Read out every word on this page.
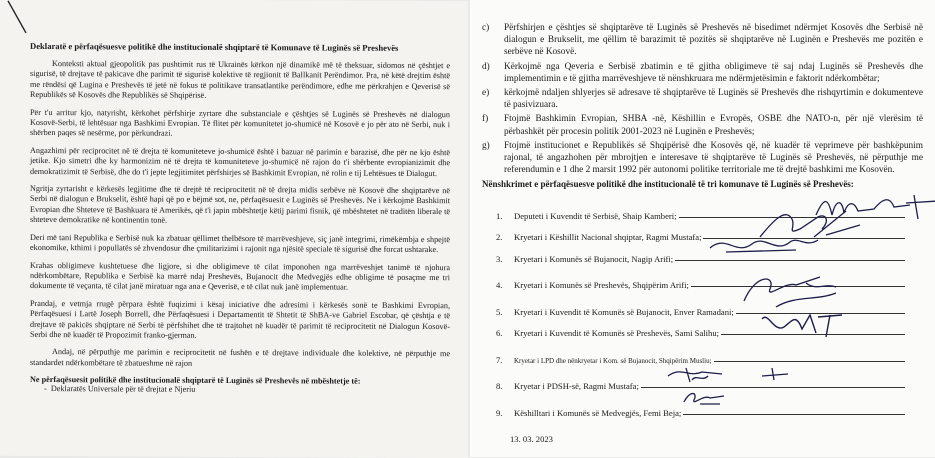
Deklaratë e përfaqësuesve politikë dhe institucionalë shqiptarë të Komunave të Luginës së Preshevës

Konteksti aktual gjeopolitik pas pushtimit rus të Ukrainës kërkon një dinamikë më të theksuar, sidomos në çështjet e sigurisë, të drejtave të pakicave dhe parimit të sigurisë kolektive të regjionit të Ballkanit Perëndimor. Pra, në këtë drejtim është me rëndësi që Lugina e Preshevës të jetë në fokus të politikave transatlantike perëndimore, edhe me përkrahjen e Qeverisë së Republikës së Kosovës dhe Republikës së Shqipërisë.

Për t'u arritur kjo, natyrisht, kërkohet përfshirje zyrtare dhe substanciale e çështjes së Luginës së Preshevës në dialogun Kosovë-Serbi, të lehtësuar nga Bashkimi Evropian. Të flitet për komunitetet jo-shumicë në Kosovë e jo për ato në Serbi, nuk i shërben paqes së nesërme, por përkundrazi.

Angazhimi për reciprocitet në të drejta të komuniteteve jo-shumicë është i bazuar në parimin e barazisë, dhe për ne kjo është jetike. Kjo simetri dhe ky harmonizim në të drejta të komuniteteve jo-shumicë në rajon do t'i shërbente evropianizimit dhe demokratizimit të Serbisë, dhe do t'i jepte legjitimitet përfshirjes së Bashkimit Evropian, në rolin e tij Lehtësues të Dialogut.

Ngritja zyrtarisht e kërkesës legjitime dhe të drejtë të reciprocitetit në të drejta midis serbëve në Kosovë dhe shqiptarëve në Serbi në dialogun e Brukselit, është hapi që po e bëjmë sot, ne, përfaqësuesit e Luginës së Preshevës. Ne i kërkojmë Bashkimit Evropian dhe Shteteve të Bashkuara të Amerikës, që t'i japin mbështetje këtij parimi fisnik, që mbështetet në traditën liberale të shteteve demokratike në kontinentin tonë.

Deri më tani Republika e Serbisë nuk ka zbatuar qëllimet thelbësore të marrëveshjeve, siç janë integrimi, rimëkëmbja e shpejtë ekonomike, kthimi i popullatës së zhvendosur dhe çmilitarizimi i rajonit nga njësitë speciale të sigurisë dhe forcat ushtarake.

Krahas obligimeve kushtetuese dhe ligjore, si dhe obligimeve të cilat imponohen nga marrëveshjet tanimë të njohura ndërkombëtare, Republika e Serbisë ka marrë ndaj Preshevës, Bujanocit dhe Medvegjës edhe obligime të posaçme me tri dokumente të veçanta, të cilat janë miratuar nga ana e Qeverisë, e të cilat nuk janë implementuar.

Prandaj, e vetmja rrugë përpara është fuqizimi i kësaj iniciative dhe adresimi i kërkesës sonë te Bashkimi Evropian, Përfaqësuesi i Lartë Joseph Borrell, dhe Përfaqësuesi i Departamentit të Shtetit të ShBA-ve Gabriel Escobar, që çështja e të drejtave të pakicës shqiptare në Serbi të përfshihet dhe të trajtohet në kuadër të parimit të reciprocitetit në Dialogun Kosovë-Serbi dhe në kuadër të Propozimit franko-gjerman.

Andaj, në përputhje me parimin e reciprocitetit në fushën e të drejtave individuale dhe kolektive, në përputhje me standardet ndërkombëtare të zbatueshme në rajon

Ne përfaqësuesit politikë dhe institucionalë shqiptarë të Luginës së Preshevës në mbështetje të:
-  Deklaratës Universale për të drejtat e Njeriu
c)	Përfshirjen e çështjes së shqiptarëve të Luginës së Preshevës në bisedimet ndërmjet Kosovës dhe Serbisë në dialogun e Brukselit, me qëllim të barazimit të pozitës së shqiptarëve në Luginën e Preshevës me pozitën e serbëve në Kosovë.
d)	Kërkojmë nga Qeveria e Serbisë zbatimin e të gjitha obligimeve të saj ndaj Luginës së Preshevës dhe implementimin e të gjitha marrëveshjeve të nënshkruara me ndërmjetësimin e faktorit ndërkombëtar;
e)	kërkojmë ndaljen shlyerjes së adresave të shqiptarëve të Luginës së Preshevës dhe rishqyrtimin e dokumenteve të pasivizuara.
f)	Ftojmë Bashkimin Evropian, SHBA -në, Këshillin e Evropës, OSBE dhe NATO-n, për një vlerësim të përbashkët për procesin politik 2001-2023 në Luginën e Preshevës;
g)	Ftojmë institucionet e Republikës së Shqipërisë dhe Kosovës që, në kuadër të veprimeve për bashkëpunim rajonal, të angazhohen për mbrojtjen e interesave të shqiptarëve të Luginës së Preshevës, në përputhje me referendumin e 1 dhe 2 marsit 1992 për autonomi politike territoriale me të drejtë bashkimi me Kosovën.
Nënshkrimet e përfaqësuesve politikë dhe institucionalë të tri komunave të Luginës së Preshevës:
1.	Deputeti i Kuvendit të Serbisë, Shaip Kamberi;
2.	Kryetari i Këshillit Nacional shqiptar, Ragmi Mustafa;
3.	Kryetari i Komunës së Bujanocit, Nagip Arifi;
4.	Kryetari i Komunës së Preshevës, Shqipërim Arifi;
5.	Kryetari i Kuvendit të Komunës së Bujanocit, Enver Ramadani;
6.	Kryetari i Kuvendit të Komunës së Preshevës, Sami Salihu;
7.	Kryetar i LPD dhe nënkryetar i Kom. së Bujanocit, Shqipërim Musliu;
8.	Kryetar i PDSH-së, Ragmi Mustafa;
9.	Këshilltari i Komunës së Medvegjës, Femi Beja;
13. 03. 2023
